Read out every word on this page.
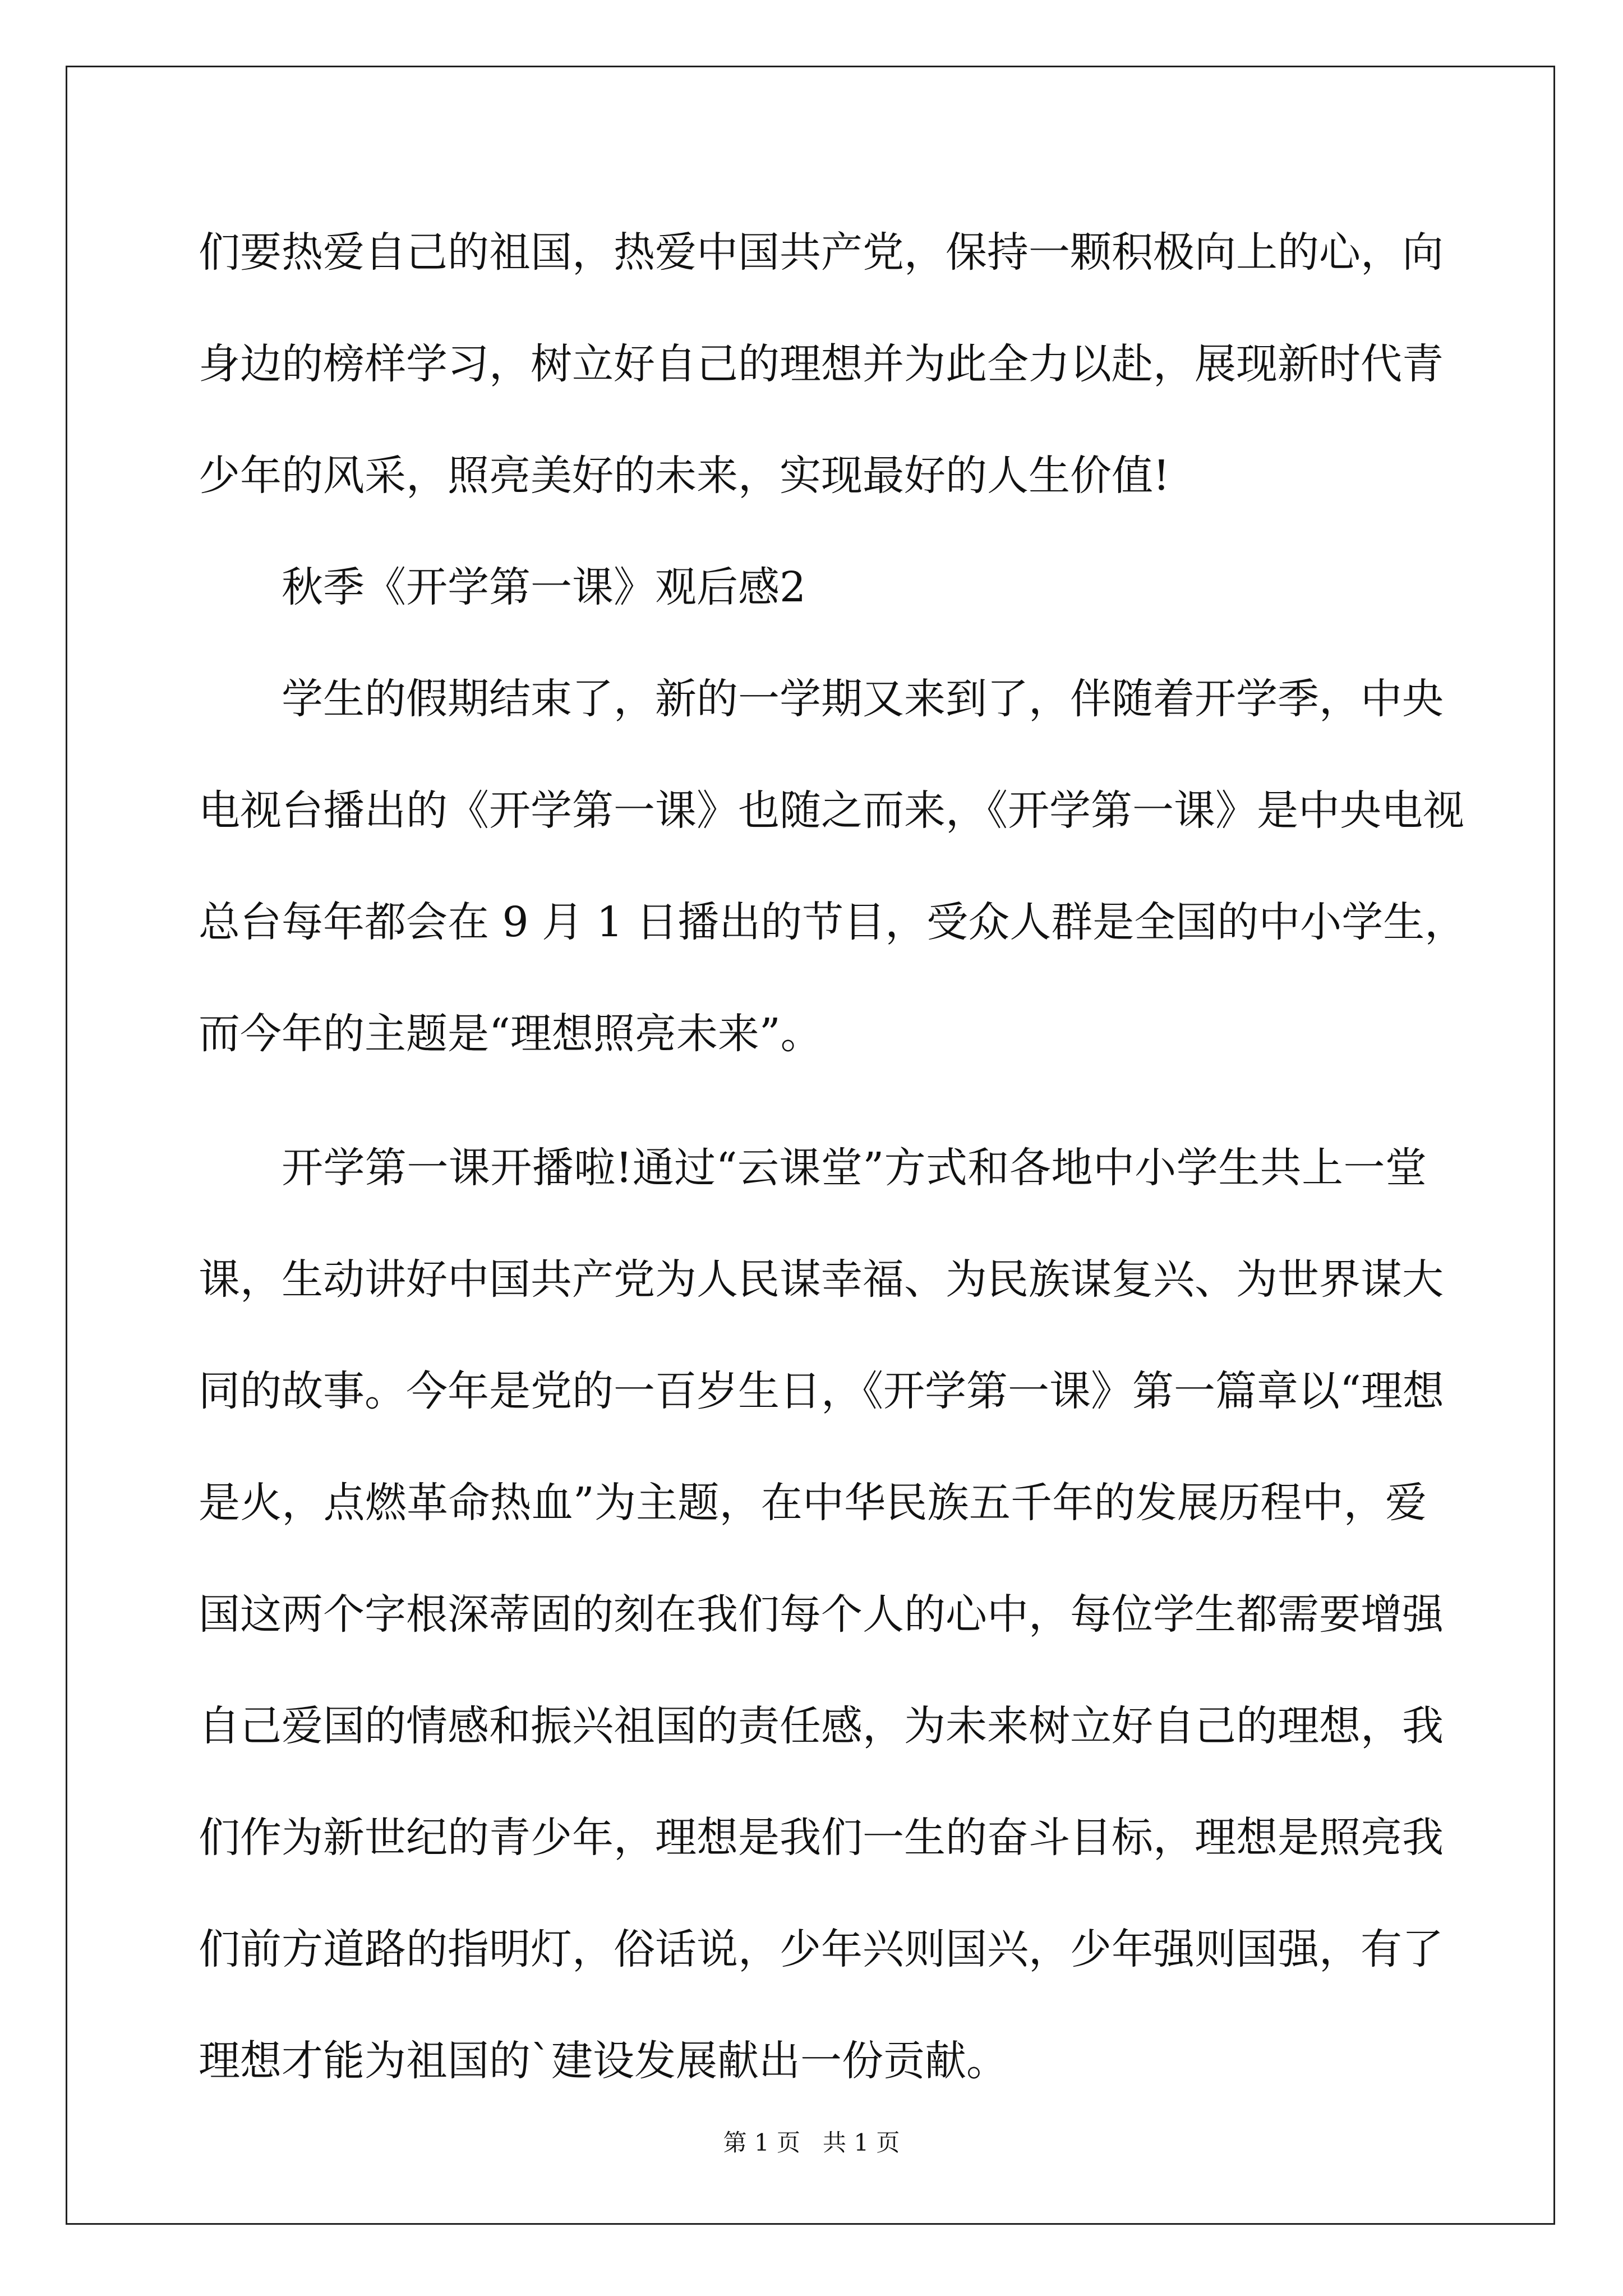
们要热爱自己的祖国，热爱中国共产党，保持一颗积极向上的心，向
身边的榜样学习，树立好自己的理想并为此全力以赴，展现新时代青
少年的风采，照亮美好的未来，实现最好的人生价值!
秋季《开学第一课》观后感2
学生的假期结束了，新的一学期又来到了，伴随着开学季，中央
电视台播出的《开学第一课》也随之而来，《开学第一课》是中央电视
总台每年都会在 9 月 1 日播出的节目，受众人群是全国的中小学生，
而今年的主题是“理想照亮未来”。
开学第一课开播啦!通过“云课堂”方式和各地中小学生共上一堂
课，生动讲好中国共产党为人民谋幸福、为民族谋复兴、为世界谋大
同的故事。今年是党的一百岁生日，《开学第一课》第一篇章以“理想
是火，点燃革命热血”为主题，在中华民族五千年的发展历程中，爱
国这两个字根深蒂固的刻在我们每个人的心中，每位学生都需要增强
自己爱国的情感和振兴祖国的责任感，为未来树立好自己的理想，我
们作为新世纪的青少年，理想是我们一生的奋斗目标，理想是照亮我
们前方道路的指明灯，俗话说，少年兴则国兴，少年强则国强，有了
理想才能为祖国的`建设发展献出一份贡献。
第 1 页 共 1 页
